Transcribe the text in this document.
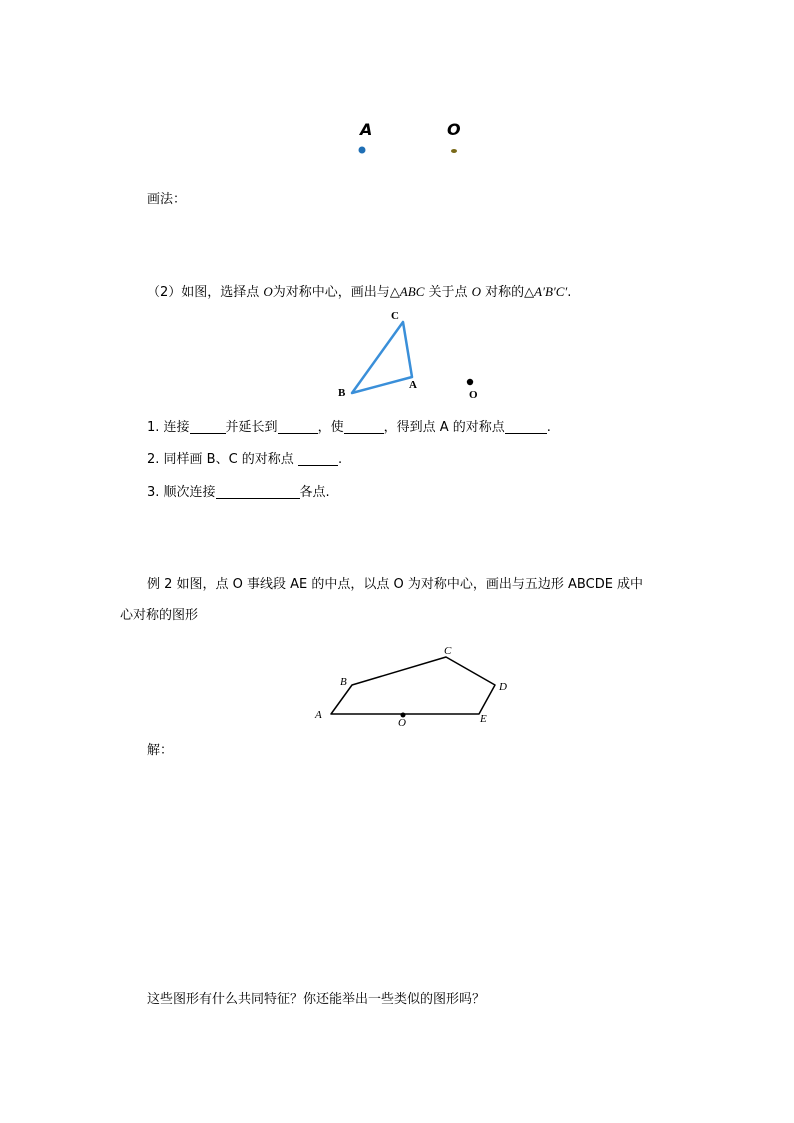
A	O
画法：
（2）如图，选择点 O为对称中心，画出与△ABC 关于点 O 对称的△A′B′C′.
C
B
A
O
1. 连接	并延长到	，使	，得到点 A 的对称点	.
2. 同样画 B、C 的对称点	.
3. 顺次连接	各点.
例 2 如图，点 O 事线段 AE 的中点，以点 O 为对称中心，画出与五边形 ABCDE 成中
心对称的图形
A
B
C
D
E
O
解：
这些图形有什么共同特征？你还能举出一些类似的图形吗？
